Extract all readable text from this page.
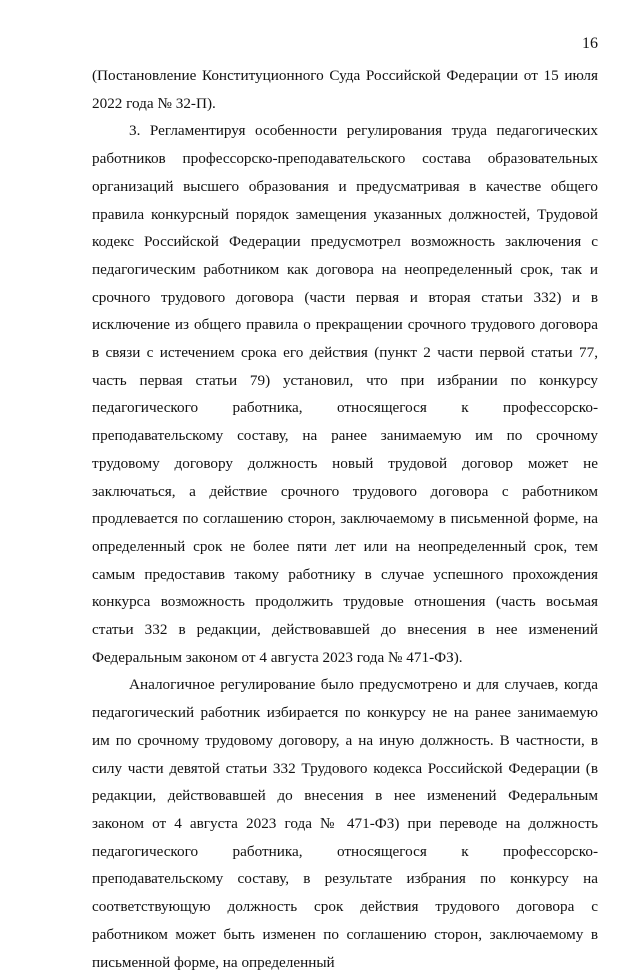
16

(Постановление Конституционного Суда Российской Федерации от 15 июля 2022 года № 32-П).

3. Регламентируя особенности регулирования труда педагогических работников профессорско-преподавательского состава образовательных организаций высшего образования и предусматривая в качестве общего правила конкурсный порядок замещения указанных должностей, Трудовой кодекс Российской Федерации предусмотрел возможность заключения с педагогическим работником как договора на неопределенный срок, так и срочного трудового договора (части первая и вторая статьи 332) и в исключение из общего правила о прекращении срочного трудового договора в связи с истечением срока его действия (пункт 2 части первой статьи 77, часть первая статьи 79) установил, что при избрании по конкурсу педагогического работника, относящегося к профессорско-преподавательскому составу, на ранее занимаемую им по срочному трудовому договору должность новый трудовой договор может не заключаться, а действие срочного трудового договора с работником продлевается по соглашению сторон, заключаемому в письменной форме, на определенный срок не более пяти лет или на неопределенный срок, тем самым предоставив такому работнику в случае успешного прохождения конкурса возможность продолжить трудовые отношения (часть восьмая статьи 332 в редакции, действовавшей до внесения в нее изменений Федеральным законом от 4 августа 2023 года № 471-ФЗ).

Аналогичное регулирование было предусмотрено и для случаев, когда педагогический работник избирается по конкурсу не на ранее занимаемую им по срочному трудовому договору, а на иную должность. В частности, в силу части девятой статьи 332 Трудового кодекса Российской Федерации (в редакции, действовавшей до внесения в нее изменений Федеральным законом от 4 августа 2023 года № 471-ФЗ) при переводе на должность педагогического работника, относящегося к профессорско-преподавательскому составу, в результате избрания по конкурсу на соответствующую должность срок действия трудового договора с работником может быть изменен по соглашению сторон, заключаемому в письменной форме, на определенный
